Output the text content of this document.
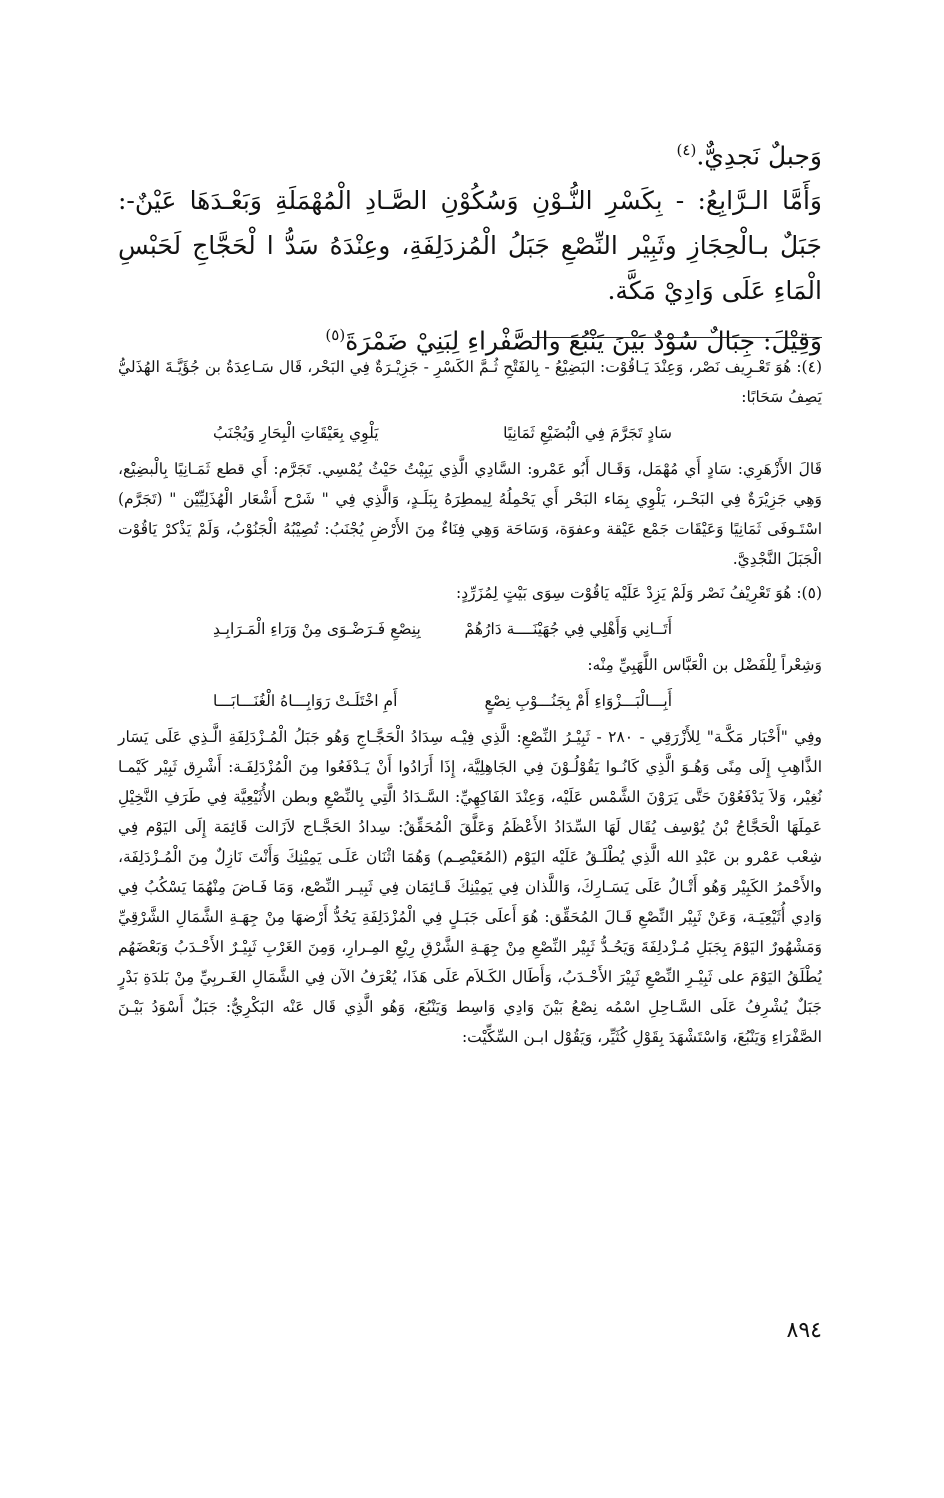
وَجبلٌ نَجدِيٌّ.$^{(٤)}$

وَأَمَّا الـرَّابِعُ: - بِكَسْرِ النُّـوْنِ وَسُكُوْنِ الصَّـادِ الْمُهْمَلَةِ وَبَعْـدَهَا عَيْنٌ-: جَبَلٌ بـالْحِجَازِ وثَبِيْر النِّصْعِ جَبَلُ الْمُزدَلِفَةِ، وعِنْدَهُ سَدُّ ا لْحَجَّاجِ لَحَبْسِ الْمَاءِ عَلَى وَادِيْ مَكَّة.

وَقِيْلَ: جِبَالٌ سُوْدٌ بَيْنَ يَنْبُعَ والصَّفْراءِ لِبَنِيْ ضَمْرَةَ$^{(٥)}$

(٤): هُوَ تَعْـرِيف نَصْر، وَعِنْدَ يَـاقُوْت: البَضِيْعُ - بِالفَتْحِ ثُـمَّ الكَسْرِ - جَزِيْـرَةٌ فِي البَحْر، قَال سَـاعِدَةُ بن جُؤَيَّـةَ الهُذَليُّ يَصِفُ سَحَابًا:

سَادٍ تَجَرَّمَ فِي الْبُضَيْعِ ثَمَانِيًا
يَلْوِي بِعَيْقَاتِ الْبِحَارِ وَيُجْنَبُ

قَالَ الأَزْهَرِي: سَادٍ أَي مُهْمَل، وَقَـال أَبُو عَمْرو: السَّادِي الَّذِي يَبِيْتُ حَيْثُ يُمْسِي. تَجَرَّم: أَي قطع ثَمَـانِيًا بِالْبضِيْع، وَهِي جَزِيْرَةٌ فِي البَحْـر، يَلْوِي بِمَاء البَحْر أَي يَحْمِلُهُ لِيمطِرَهُ بِبَلَـدٍ، وَالَّذِي فِي " شَرْح أَشْعَار الْهُذَلِيِّيْن " (تَجَرَّم) اسْتَـوفَى ثَمَانِيًا وَعَيْقَات جَمْع عَيْقة وعفوَة، وَسَاحَة وَهِي فِنَاءٌ مِنَ الأَرْضِ يُجْنَبُ: تُصِيْبُهُ الْجَنُوْبُ، وَلَمْ يَذْكرْ يَاقُوْت الْجَبَلَ النَّجْدِيَّ.

(٥): هُوَ تَعْرِيْفُ نَصْر وَلَمْ يَزِدْ عَلَيْه يَاقُوْت سِوَى بَيْتٍ لِمُزَرِّدٍ:

أَتَــانِي وَأَهْلِي فِي جُهَيْنَــــة دَارُهُمْ
بِنِصْعِ فَـرَضْـوَى مِنْ وَرَاءِ الْمَـرَابِـدِ

وَشِعْراً لِلْفَضْل بن الْعَبَّاس اللَّهَبِيِّ مِنْه:

أَبِـــالْبَـــزْوَاءِ أَمْ بِجَنُـــوْبِ نِصْعٍ
أَمِ اخْتَلَـتْ رَوَابِـــاهُ الْغُنَـــابَـــا

وفِي "أَخْبَار مَكَّـة" لِلأَزْرَقِي - ٢٨٠ - ثَبِيْـرُ النِّصْعِ: الَّذِي فِيْـه سِدَادُ الْحَجَّـاجِ وَهُو جَبَلُ الْمُـزْدَلِفَةِ الَّـذِي عَلَى يَسَار الذَّاهِبِ إِلَى مِنًى وَهُـوَ الَّذِي كَانُـوا يَقُوْلُـوْنَ فِي الجَاهِلِيَّة، إِذَا أَرَادُوا أَنْ يَـدْفَعُوا مِنَ الْمُزْدَلِفَـة: أَشْرِق ثَبِيْر كَيْمـا نُغِيْر، وَلاَ يَدْفَعُوْنَ حَتَّى يَرَوْنَ الشَّمْس عَلَيْه، وَعِنْدَ الفَاكِهِيِّ: السَّـدَادُ الَّتِي بِالنِّصْعِ وبطن الأُثَيْعِيَّة فِي طَرَفِ النَّخِيْلِ عَمِلَهَا الْحَجَّاجُ بْنُ يُوْسِف يُقَال لَهَا السِّدَادُ الأَعْظَمُ وَعَلَّقَ الْمُحَقِّقُ: سِدادُ الحَجَّـاج لاَزَالت قَائِمَة إِلَى اليَوْم فِي شِعْب عَمْرو بن عَبْدِ الله الَّذِي يُطْلَـقُ عَلَيْه اليَوْم (المُعَيْصِـم) وَهُمَا اثْنَان عَلَـى يَمِيْنِكَ وَأَنْتَ نَازِلٌ مِنَ الْمُـزْدَلِفَة، والأَحْمرُ الكَبِيْر وَهُو أَتْـالُ عَلَى يَسَـارِكَ، وَاللَّذان فِي يَمِيْنِكَ قَـائِمَان فِي ثَبِيـر النِّصْع، وَمَا فَـاضَ مِنْهُمَا يَسْكُبُ فِي وَادِي أُثَيْعِيَـة، وَعَنْ ثَبِيْر النِّصْعِ قَـالَ المُحَقِّق: هُوَ أَعلَى جَبَـلٍ فِي الْمُزْدَلِفَةِ يَحُدُّ أَرْضهَا مِنْ جِهَـةِ الشَّمَالِ الشَّرْقِيِّ وَمَشْهُورٌ اليَوْمَ بِجَبَلِ مُـزْدلِفَةَ وَيَحُـدُّ ثَبِيْر النِّصْعِ مِنْ جِهَـةِ الشَّرْقِ رِيْعِ المِـرارِ، وَمِنَ الغَرْبِ ثَبِيْـرٌ الأَحْـدَبُ وَبَعْضَهُم يُطْلَقُ اليَوْمَ على ثَبِيْـرِ النِّصْعِ ثَبِيْرَ الأَحْـدَبُ، وَأَطَال الكَـلاَم عَلَى هَذَا، يُعْرَفُ الآن فِي الشَّمَالِ الغَـربِيِّ مِنْ بَلدَةِ بَدْرٍ جَبَلٌ يُشْرِفُ عَلَى السَّـاحِلِ اسْمُه نِصْعُ بَيْنَ وَادِي وَاسِط وَيَنْبُعَ، وَهُو الَّذِي قَال عَنْه البَكْرِيُّ: جَبَلٌ أَسْوَدُ بَيْـنَ الصَّفْرَاءِ وَيَنْبُعَ، وَاسْتَشْهَدَ بِقَوْلِ كُثَيِّر، وَيَقُوْل ابـن السِّكِّيْت:

٨٩٤
